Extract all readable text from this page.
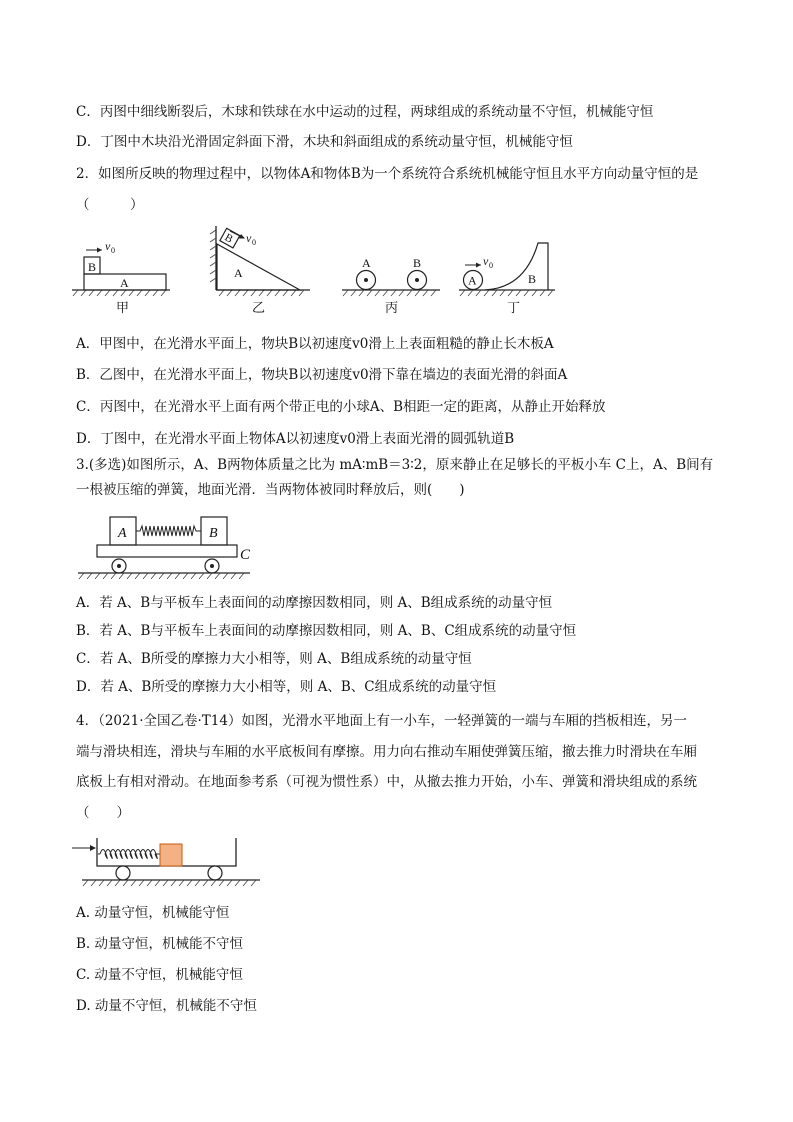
C．丙图中细线断裂后，木球和铁球在水中运动的过程，两球组成的系统动量不守恒，机械能守恒
D．丁图中木块沿光滑固定斜面下滑，木块和斜面组成的系统动量守恒，机械能守恒
2．如图所反映的物理过程中，以物体A和物体B为一个系统符合系统机械能守恒且水平方向动量守恒的是
（　　　）
B
A
v 0
甲
B v 0
A
乙
A	B
丙
A
v 0
B
丁
A．甲图中，在光滑水平面上，物块B以初速度v0滑上上表面粗糙的静止长木板A
B．乙图中，在光滑水平面上，物块B以初速度v0滑下靠在墙边的表面光滑的斜面A
C．丙图中，在光滑水平上面有两个带正电的小球A、B相距一定的距离，从静止开始释放
D．丁图中，在光滑水平面上物体A以初速度v0滑上表面光滑的圆弧轨道B
3.(多选)如图所示，A、B两物体质量之比为 mA∶mB＝3∶2，原来静止在足够长的平板小车 C上，A、B间有
一根被压缩的弹簧，地面光滑．当两物体被同时释放后，则(　　)
A	B
C
A．若 A、B与平板车上表面间的动摩擦因数相同，则 A、B组成系统的动量守恒
B．若 A、B与平板车上表面间的动摩擦因数相同，则 A、B、C组成系统的动量守恒
C．若 A、B所受的摩擦力大小相等，则 A、B组成系统的动量守恒
D．若 A、B所受的摩擦力大小相等，则 A、B、C组成系统的动量守恒
4．（2021·全国乙卷·T14）如图，光滑水平地面上有一小车，一轻弹簧的一端与车厢的挡板相连，另一
端与滑块相连，滑块与车厢的水平底板间有摩擦。用力向右推动车厢使弹簧压缩，撤去推力时滑块在车厢
底板上有相对滑动。在地面参考系（可视为惯性系）中，从撤去推力开始，小车、弹簧和滑块组成的系统
（　　）
A. 动量守恒，机械能守恒
B. 动量守恒，机械能不守恒
C. 动量不守恒，机械能守恒
D. 动量不守恒，机械能不守恒
